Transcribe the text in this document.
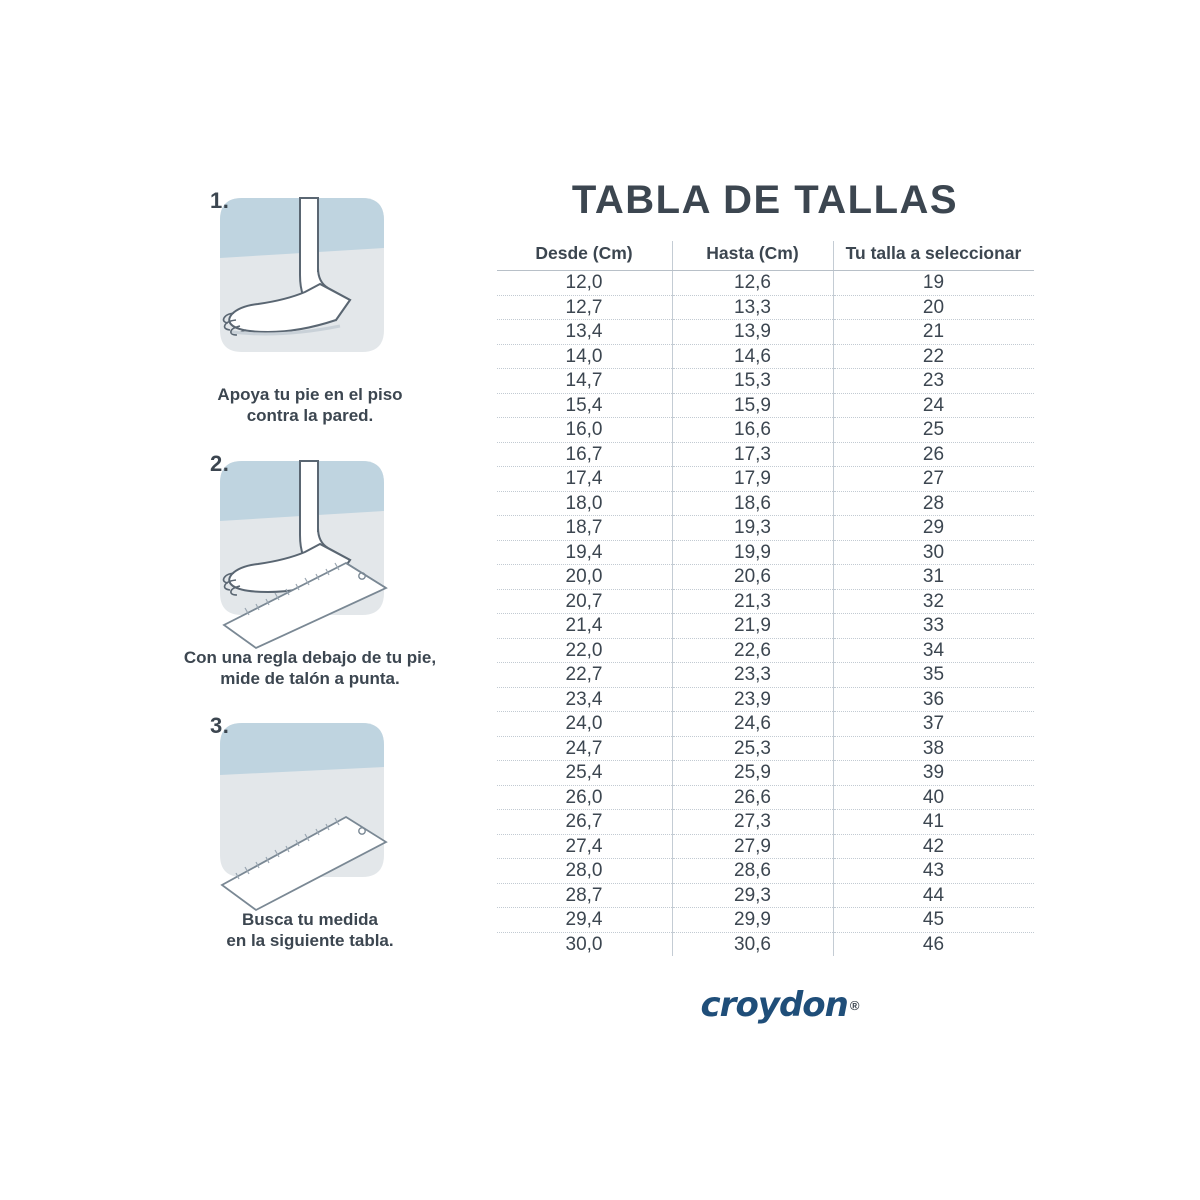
1.
Apoya tu pie en el piso
contra la pared.
2.
Con una regla debajo de tu pie,
mide de talón a punta.
3.
Busca tu medida
en la siguiente tabla.
TABLA DE TALLAS
Desde (Cm)	Hasta (Cm)	Tu talla a seleccionar
12,0	12,6	19
12,7	13,3	20
13,4	13,9	21
14,0	14,6	22
14,7	15,3	23
15,4	15,9	24
16,0	16,6	25
16,7	17,3	26
17,4	17,9	27
18,0	18,6	28
18,7	19,3	29
19,4	19,9	30
20,0	20,6	31
20,7	21,3	32
21,4	21,9	33
22,0	22,6	34
22,7	23,3	35
23,4	23,9	36
24,0	24,6	37
24,7	25,3	38
25,4	25,9	39
26,0	26,6	40
26,7	27,3	41
27,4	27,9	42
28,0	28,6	43
28,7	29,3	44
29,4	29,9	45
30,0	30,6	46
croydon ®
